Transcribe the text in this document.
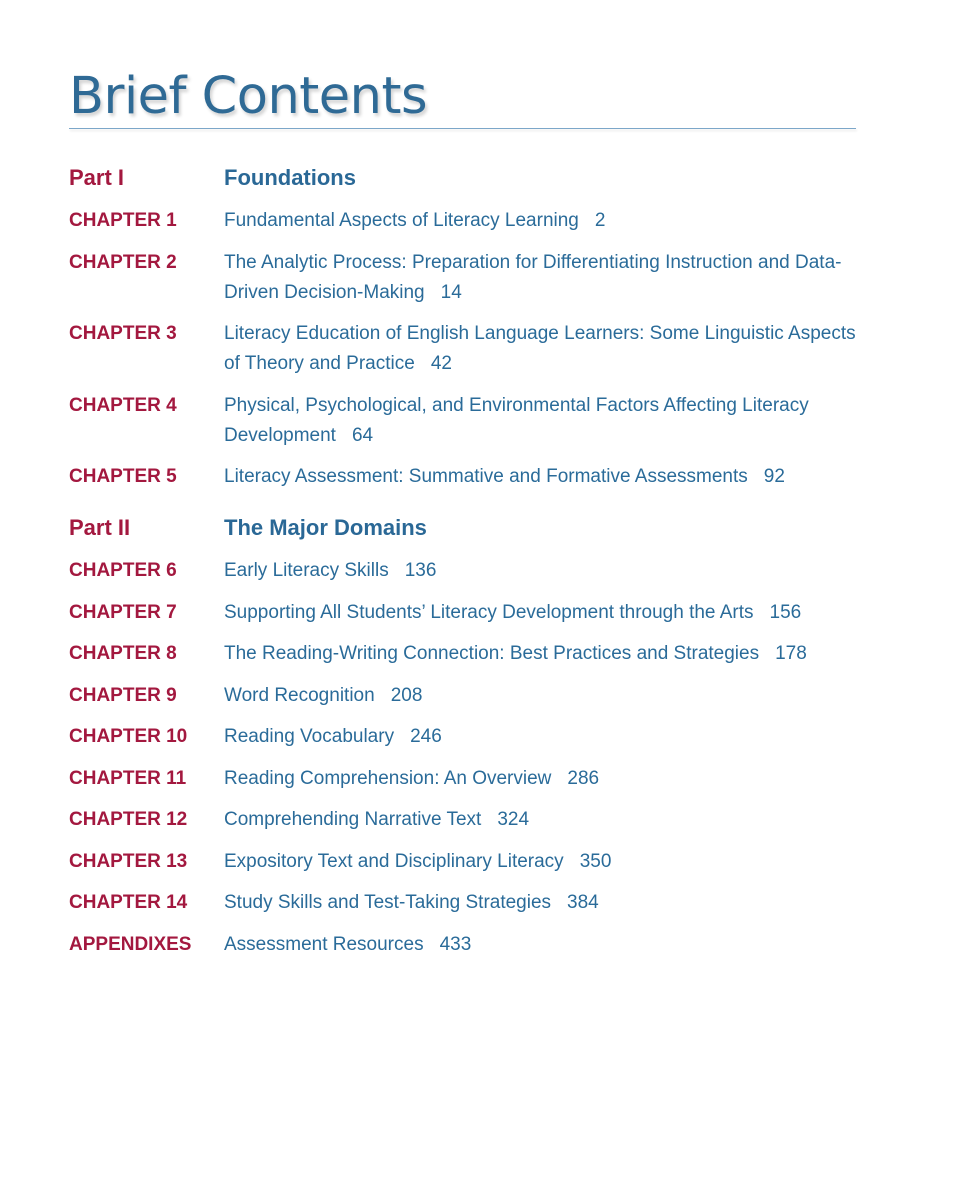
Brief Contents
Part I	Foundations
CHAPTER 1	Fundamental Aspects of Literacy Learning 2
CHAPTER 2	The Analytic Process: Preparation for Differentiating Instruction and Data-Driven Decision-Making 14
CHAPTER 3	Literacy Education of English Language Learners: Some Linguistic Aspects of Theory and Practice 42
CHAPTER 4	Physical, Psychological, and Environmental Factors Affecting Literacy Development 64
CHAPTER 5	Literacy Assessment: Summative and Formative Assessments 92
Part II	The Major Domains
CHAPTER 6	Early Literacy Skills 136
CHAPTER 7	Supporting All Students’ Literacy Development through the Arts 156
CHAPTER 8	The Reading-Writing Connection: Best Practices and Strategies 178
CHAPTER 9	Word Recognition 208
CHAPTER 10	Reading Vocabulary 246
CHAPTER 11	Reading Comprehension: An Overview 286
CHAPTER 12	Comprehending Narrative Text 324
CHAPTER 13	Expository Text and Disciplinary Literacy 350
CHAPTER 14	Study Skills and Test-Taking Strategies 384
APPENDIXES	Assessment Resources 433
